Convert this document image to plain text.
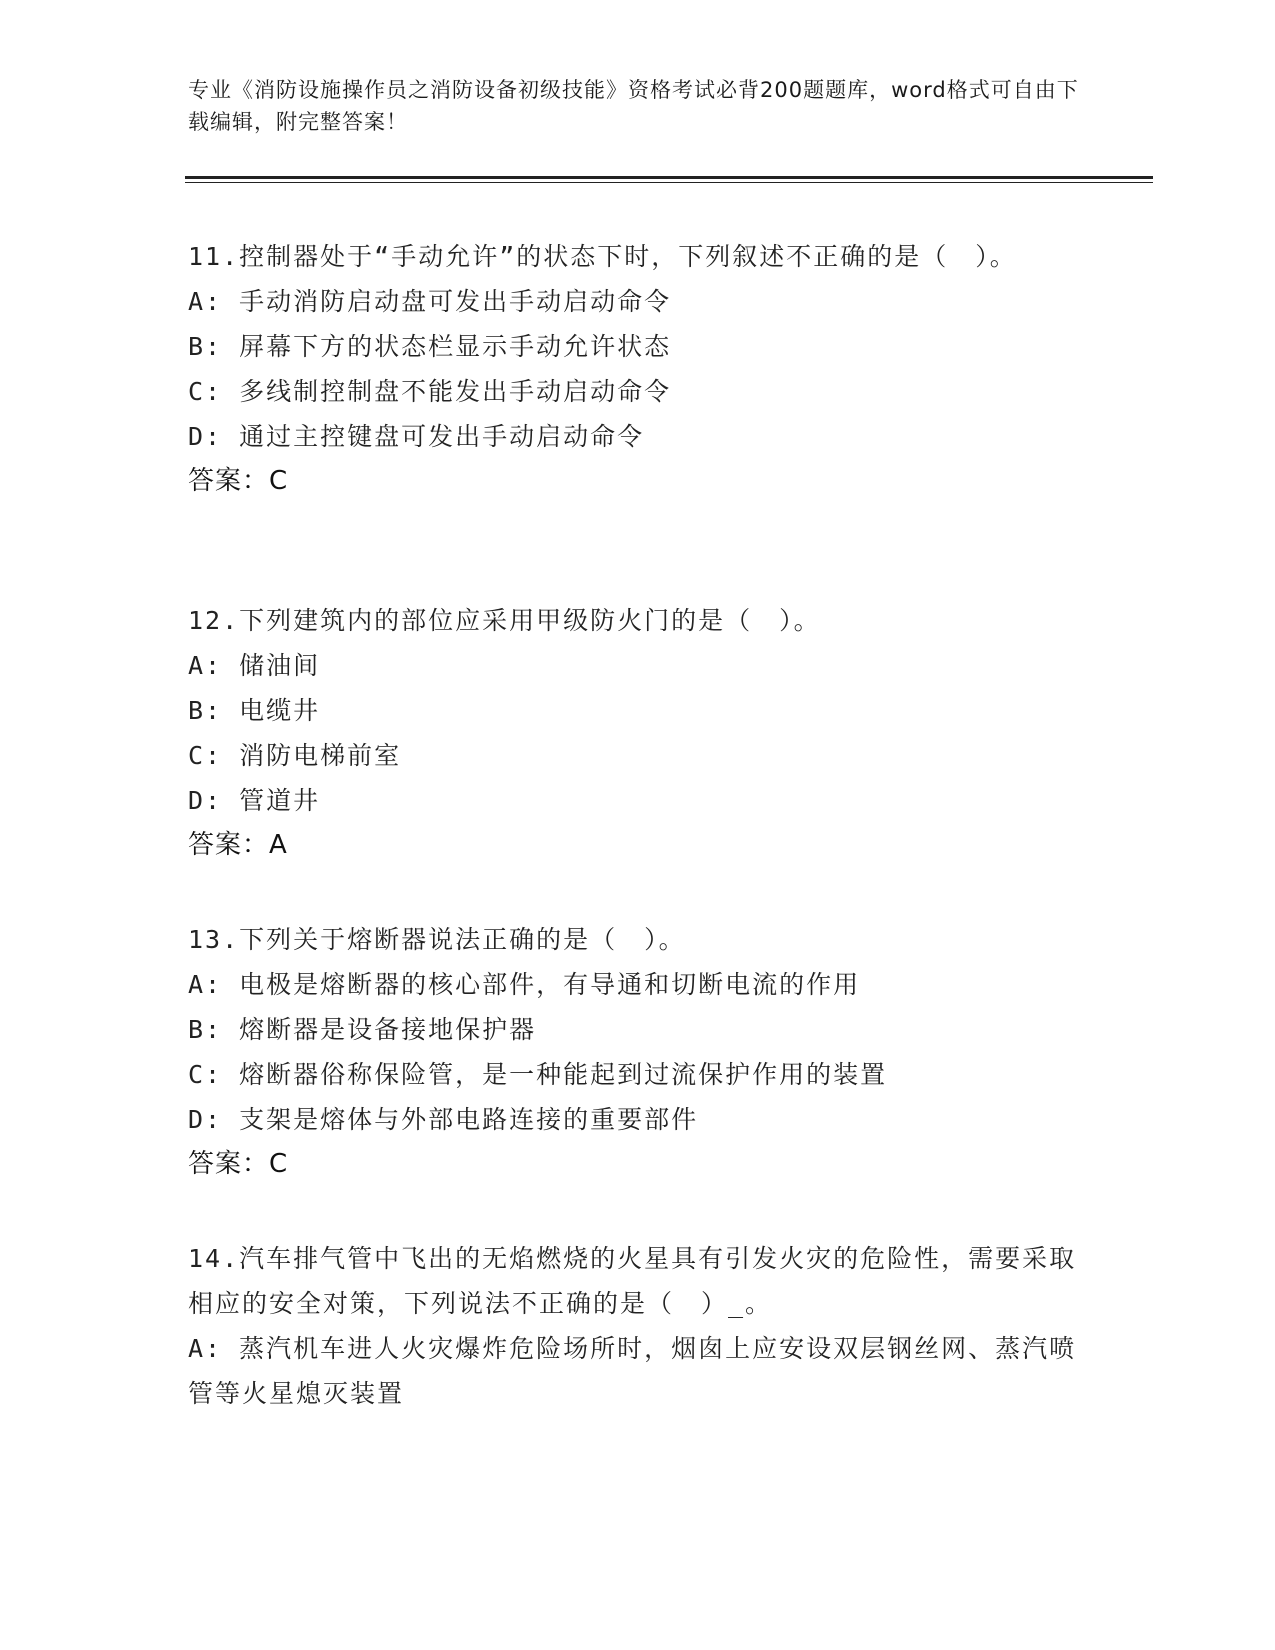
专业《消防设施操作员之消防设备初级技能》资格考试必背200题题库，word格式可自由下载编辑，附完整答案！
11.控制器处于“手动允许”的状态下时，下列叙述不正确的是（　）。
A: 手动消防启动盘可发出手动启动命令
B: 屏幕下方的状态栏显示手动允许状态
C: 多线制控制盘不能发出手动启动命令
D: 通过主控键盘可发出手动启动命令
答案：C
12.下列建筑内的部位应采用甲级防火门的是（　）。
A: 储油间
B: 电缆井
C: 消防电梯前室
D: 管道井
答案：A
13.下列关于熔断器说法正确的是（　）。
A: 电极是熔断器的核心部件，有导通和切断电流的作用
B: 熔断器是设备接地保护器
C: 熔断器俗称保险管，是一种能起到过流保护作用的装置
D: 支架是熔体与外部电路连接的重要部件
答案：C
14.汽车排气管中飞出的无焰燃烧的火星具有引发火灾的危险性，需要采取相应的安全对策，下列说法不正确的是（　）_。
A: 蒸汽机车进人火灾爆炸危险场所时，烟囱上应安设双层钢丝网、蒸汽喷管等火星熄灭装置
